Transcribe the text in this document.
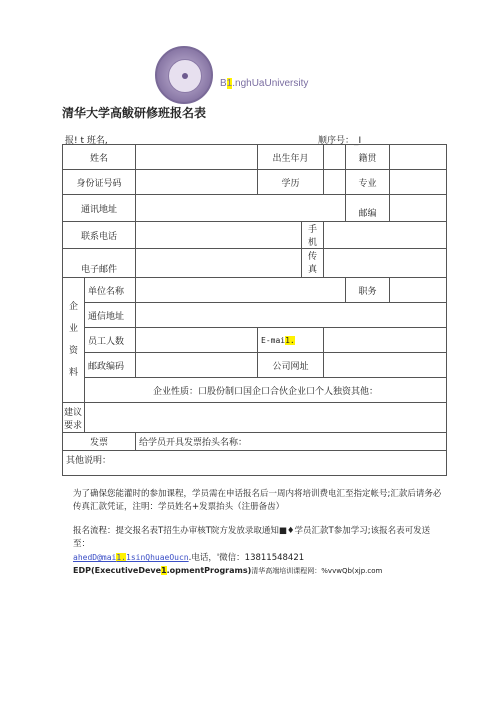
B1.nghUaUniversity
清华大学高鲅研修班报名表
报! t 班名,	顺序号：_I
姓名			出生年月			籍贯	
身份证号码			学历			专业	
通讯地址						邮编	
联系电话				手机			
电子邮件				传真			
企
业
资
料	单位名称					职务	
	通信地址						
	员工人数		E-mai1.				
	邮政编码		公司网址				
	企业性质：口股份制口国企口合伙企业口个人独资其他：						
建议要求							
发票		给学员开具发票抬头名称：					
其他说明：							
为了确保您能灌时的参加课程，学员需在申话报名后一周内将培训费电汇至指定帐号;汇款后请务必传真汇款凭证，注明：学员姓名+发票抬头（注册备齿）
报名流程：提交报名表T招生办审核T院方发放录取通知■♦学员汇款T参加学习;该报名表可发送至：
ahedD@mai1.1sinQhuaeOucn.电话，'微信：13811548421
EDP(ExecutiveDeve1.opmentPrograms)清华高端培训课程网：%vvwQb(xjp.com
